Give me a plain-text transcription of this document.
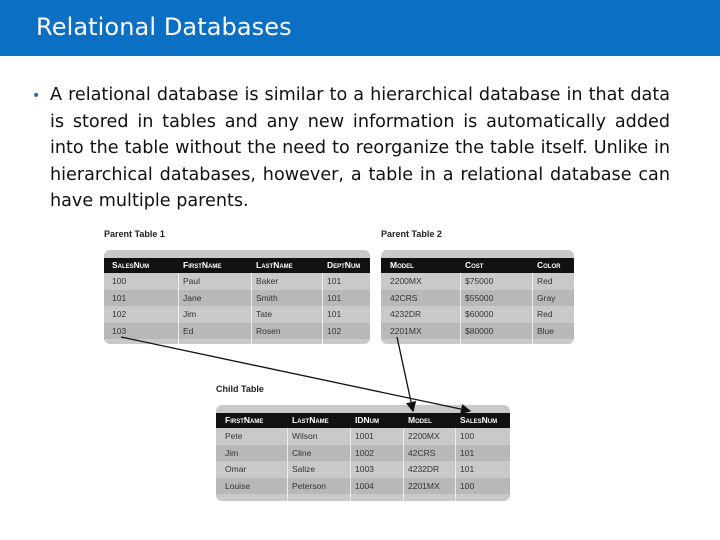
Relational Databases
• A relational database is similar to a hierarchical database in that data is stored in tables and any new information is automatically added into the table without the need to reorganize the table itself. Unlike in hierarchical databases, however, a table in a relational database can have multiple parents.
Parent Table 1
SalesNum	FirstName	LastName	DeptNum
100	Paul	Baker	101
101	Jane	Smith	101
102	Jim	Tate	101
103	Ed	Rosen	102
Parent Table 2
Model	Cost	Color
2200MX	$75000	Red
42CRS	$55000	Gray
4232DR	$60000	Red
2201MX	$80000	Blue
Child Table
FirstName	LastName	IDNum	Model	SalesNum
Pete	Wilson	1001	2200MX 100
Jim	Cline	1002	42CRS	101
Omar	Salize	1003	4232DR 101
Louise	Peterson	1004	2201MX 100
